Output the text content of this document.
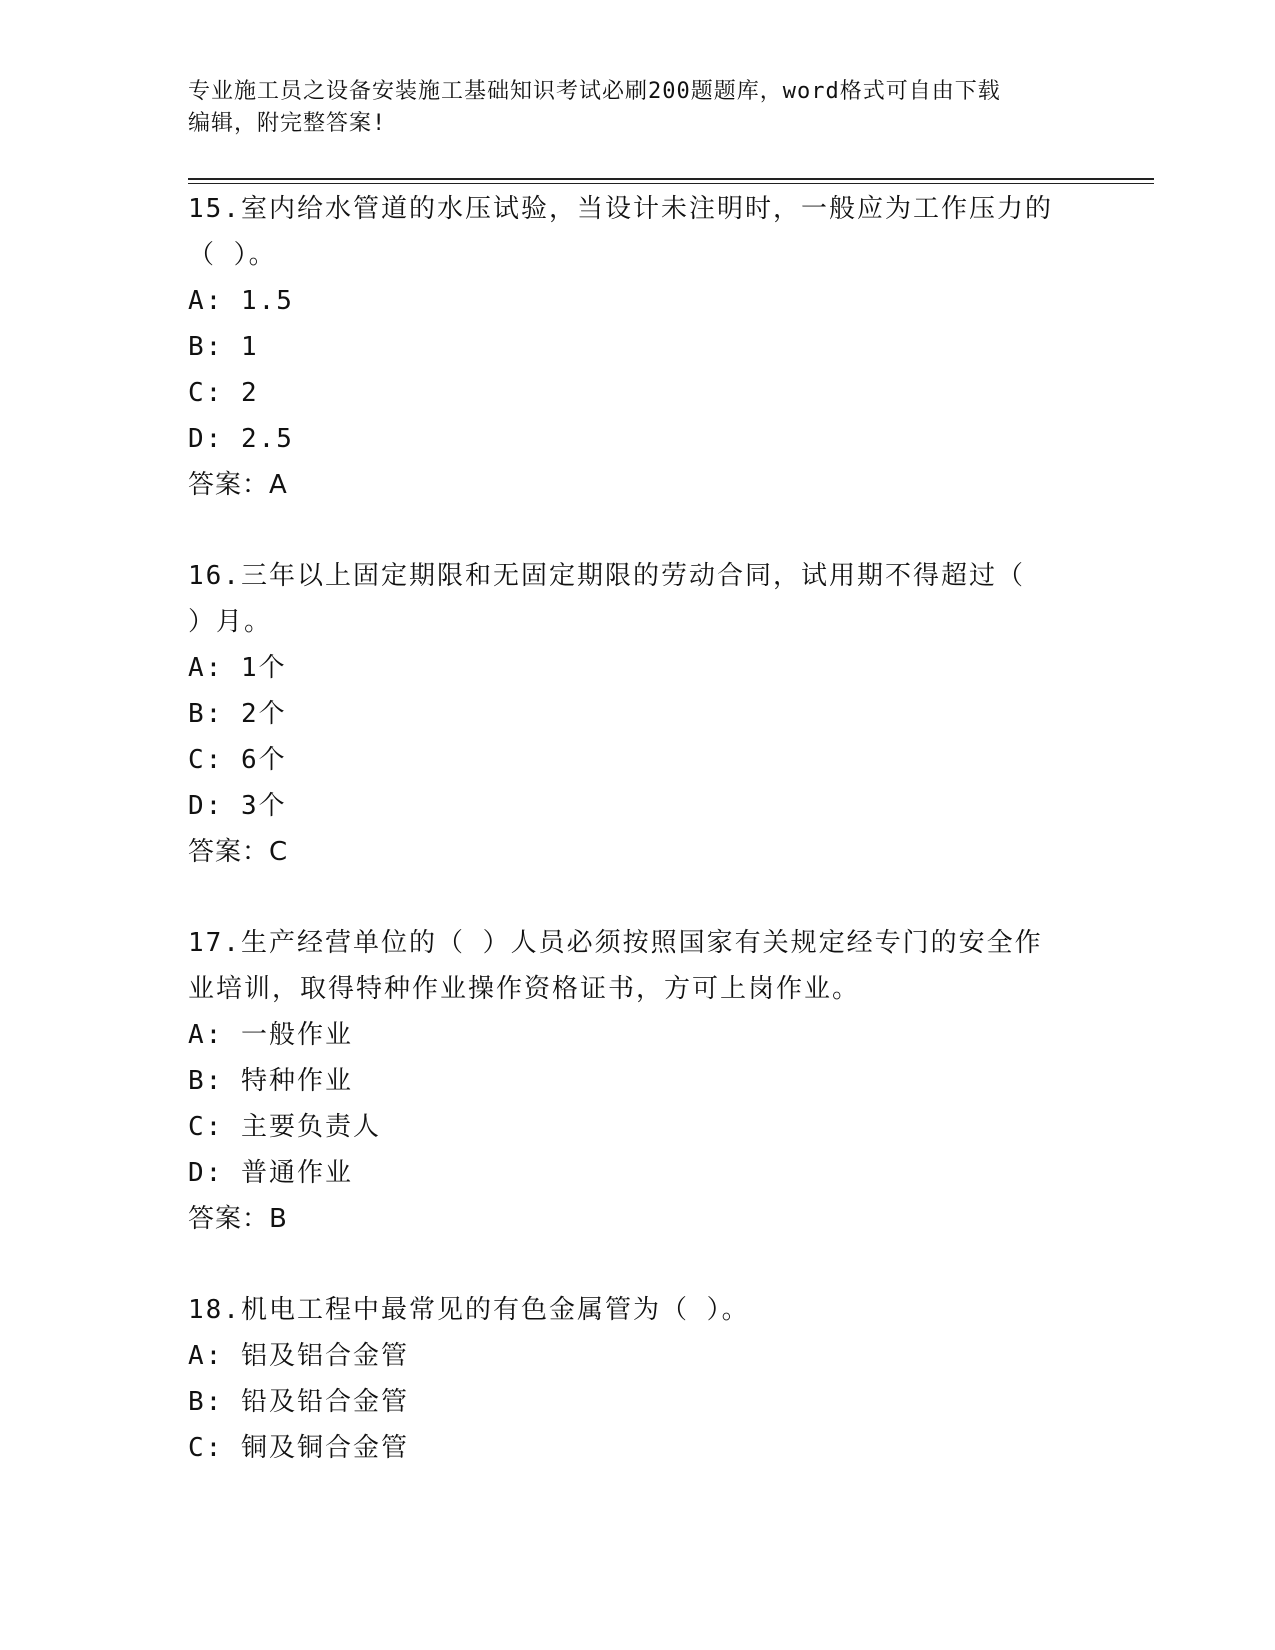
专业施工员之设备安装施工基础知识考试必刷200题题库，word格式可自由下载
编辑，附完整答案!

15.室内给水管道的水压试验，当设计未注明时，一般应为工作压力的

（ ）。

A: 1.5

B: 1

C: 2

D: 2.5

答案：A

16.三年以上固定期限和无固定期限的劳动合同，试用期不得超过（

）月。

A: 1个

B: 2个

C: 6个

D: 3个

答案：C

17.生产经营单位的（ ）人员必须按照国家有关规定经专门的安全作

业培训，取得特种作业操作资格证书，方可上岗作业。

A: 一般作业

B: 特种作业

C: 主要负责人

D: 普通作业

答案：B

18.机电工程中最常见的有色金属管为（ ）。

A: 铝及铝合金管

B: 铅及铅合金管

C: 铜及铜合金管
